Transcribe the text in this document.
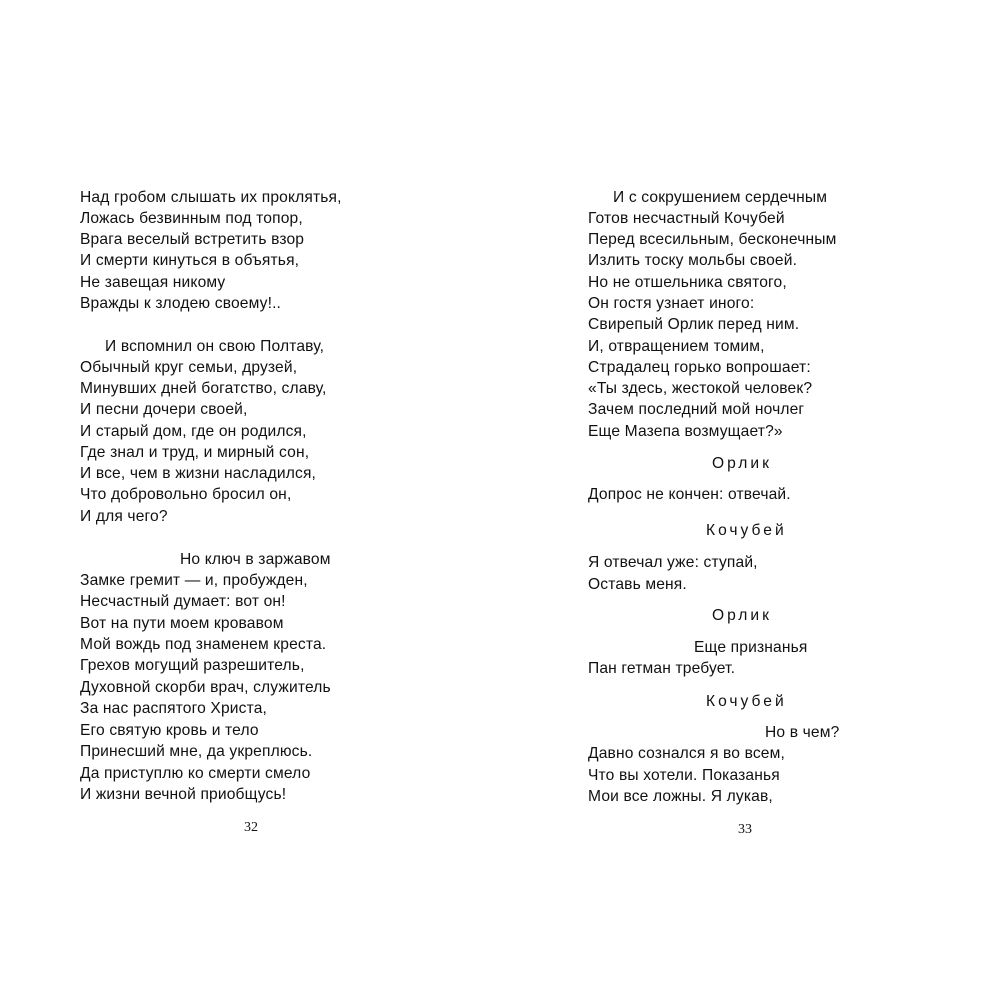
Над гробом слышать их проклятья,
Ложась безвинным под топор,
Врага веселый встретить взор
И смерти кинуться в объятья,
Не завещая никому
Вражды к злодею своему!..
И вспомнил он свою Полтаву,
Обычный круг семьи, друзей,
Минувших дней богатство, славу,
И песни дочери своей,
И старый дом, где он родился,
Где знал и труд, и мирный сон,
И все, чем в жизни насладился,
Что добровольно бросил он,
И для чего?
Но ключ в заржавом
Замке гремит — и, пробужден,
Несчастный думает: вот он!
Вот на пути моем кровавом
Мой вождь под знаменем креста.
Грехов могущий разрешитель,
Духовной скорби врач, служитель
За нас распятого Христа,
Его святую кровь и тело
Принесший мне, да укреплюсь.
Да приступлю ко смерти смело
И жизни вечной приобщусь!
32
И с сокрушением сердечным
Готов несчастный Кочубей
Перед всесильным, бесконечным
Излить тоску мольбы своей.
Но не отшельника святого,
Он гостя узнает иного:
Свирепый Орлик перед ним.
И, отвращением томим,
Страдалец горько вопрошает:
«Ты здесь, жестокой человек?
Зачем последний мой ночлег
Еще Мазепа возмущает?»
Орлик
Допрос не кончен: отвечай.
Кочубей
Я отвечал уже: ступай,
Оставь меня.
Орлик
Еще признанья
Пан гетман требует.
Кочубей
Но в чем?
Давно сознался я во всем,
Что вы хотели. Показанья
Мои все ложны. Я лукав,
33
